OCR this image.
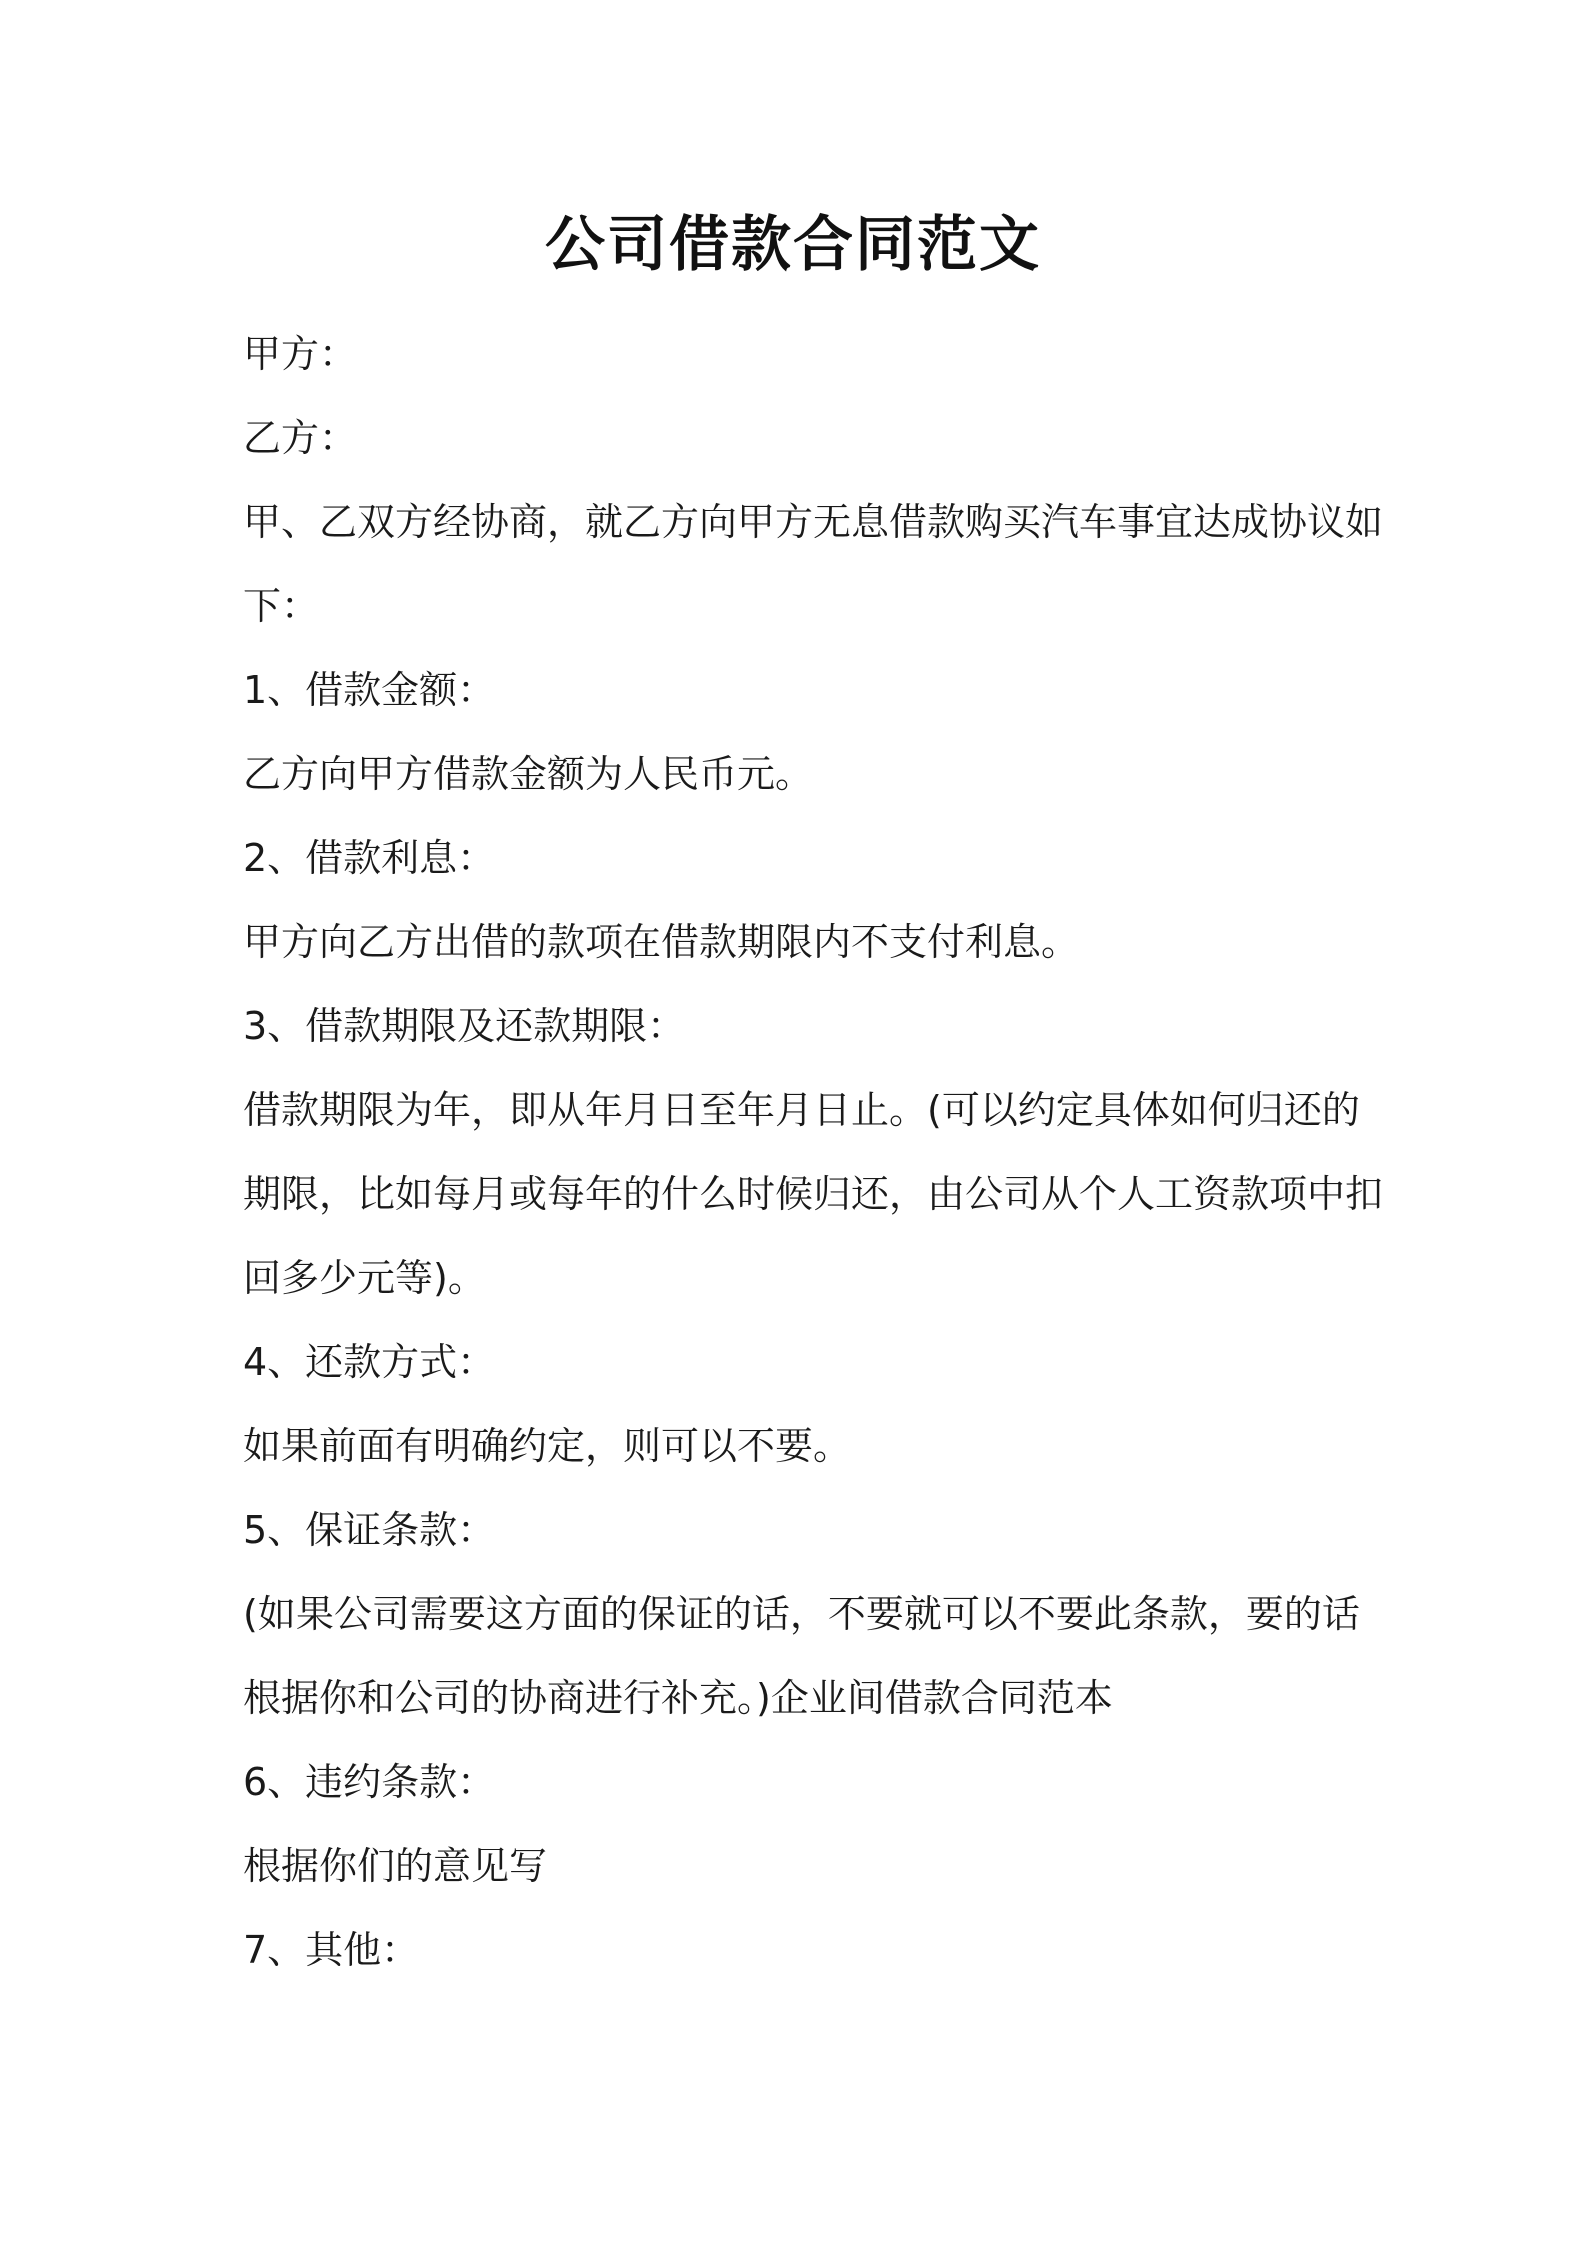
公司借款合同范文
甲方：
乙方：
甲、乙双方经协商，就乙方向甲方无息借款购买汽车事宜达成协议如
下：
1、借款金额：
乙方向甲方借款金额为人民币元。
2、借款利息：
甲方向乙方出借的款项在借款期限内不支付利息。
3、借款期限及还款期限：
借款期限为年，即从年月日至年月日止。(可以约定具体如何归还的
期限，比如每月或每年的什么时候归还，由公司从个人工资款项中扣
回多少元等)。
4、还款方式：
如果前面有明确约定，则可以不要。
5、保证条款：
(如果公司需要这方面的保证的话，不要就可以不要此条款，要的话
根据你和公司的协商进行补充。)企业间借款合同范本
6、违约条款：
根据你们的意见写
7、其他：
